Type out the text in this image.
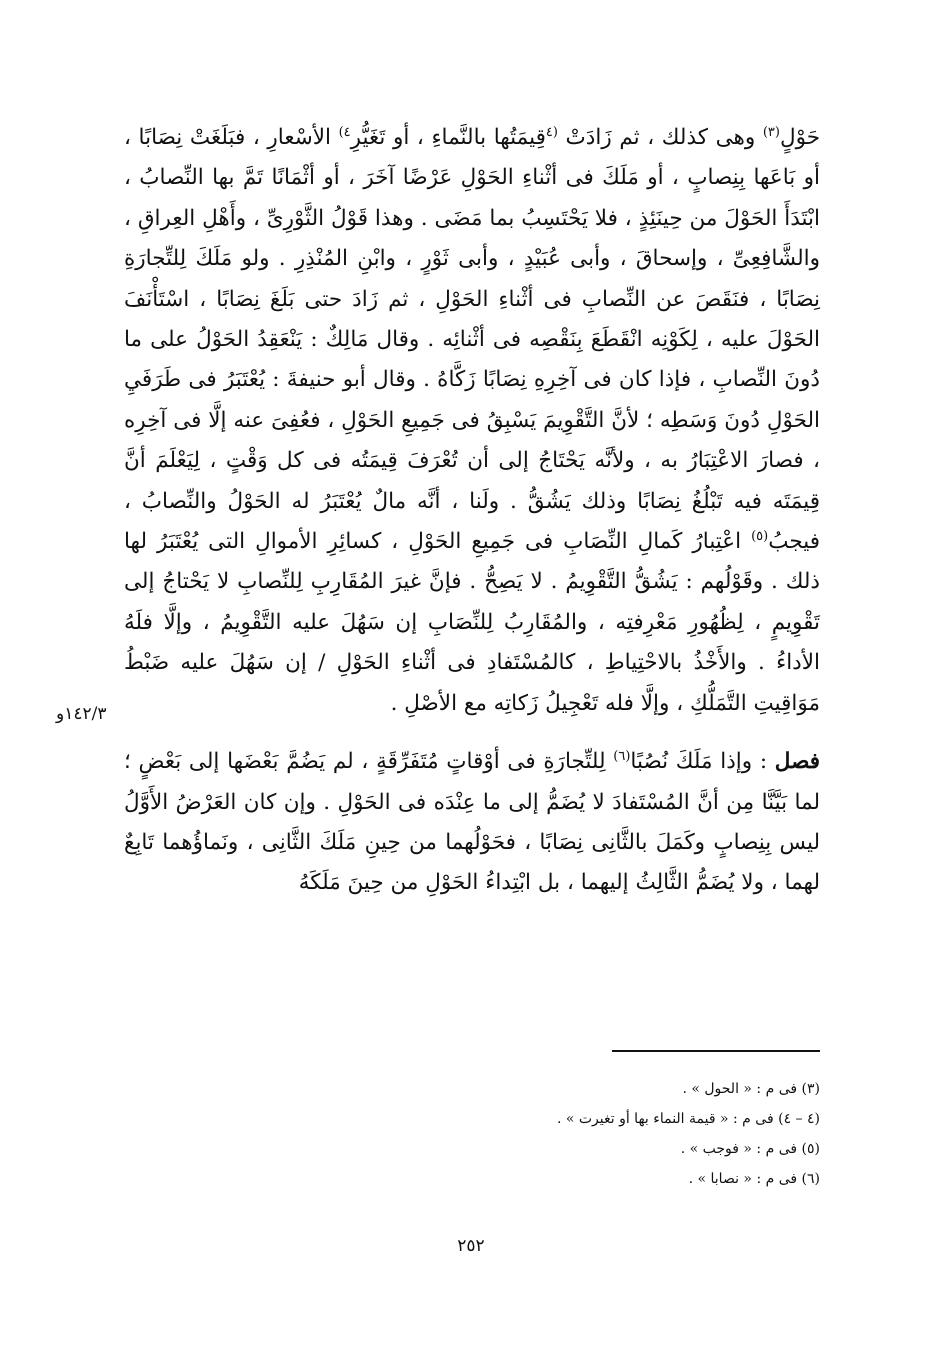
حَوْلٍ$^{(٣)}$ وهى كذلك ، ثم زَادَتْ $^{(٤}$قِيمَتُها بالنَّماءِ ، أو تَغَيُّرِ$^{٤)}$ الأسْعارِ ، فبَلَغَتْ نِصَابًا ، أو بَاعَها بِنِصابٍ ، أو مَلَكَ فى أثْناءِ الحَوْلِ عَرْضًا آخَرَ ، أو أثْمَانًا تَمَّ بها النِّصابُ ، ابْتَدَأَ الحَوْلَ من حِينَئِذٍ ، فلا يَحْتَسِبُ بما مَضَى . وهذا قَوْلُ الثَّوْرِىِّ ، وأَهْلِ العِراقِ ، والشَّافِعِىِّ ، وإسحاقَ ، وأبى عُبَيْدٍ ، وأبى ثَوْرٍ ، وابْنِ المُنْذِرِ . ولو مَلَكَ لِلتِّجارَةِ نِصَابًا ، فنَقَصَ عن النِّصابِ فى أثْناءِ الحَوْلِ ، ثم زَادَ حتى بَلَغَ نِصَابًا ، اسْتَأْنَفَ الحَوْلَ عليه ، لِكَوْنِه انْقَطَعَ بِنَقْصِه فى أثْنائِه . وقال مَالِكٌ : يَنْعَقِدُ الحَوْلُ على ما دُونَ النِّصابِ ، فإذا كان فى آخِرِهِ نِصَابًا زَكَّاهُ . وقال أبو حنيفةَ : يُعْتَبَرُ فى طَرَفَيِ الحَوْلِ دُونَ وَسَطِه ؛ لأنَّ التَّقْوِيمَ يَسْبِقُ فى جَمِيعِ الحَوْلِ ، فعُفِىَ عنه إلَّا فى آخِرِه ، فصارَ الاعْتِبَارُ به ، ولأنَّه يَحْتَاجُ إلى أن تُعْرَفَ قِيمَتُه فى كل وَقْتٍ ، لِيَعْلَمَ أنَّ قِيمَتَه فيه تَبْلُغُ نِصَابًا وذلك يَشُقُّ . ولَنا ، أنَّه مالٌ يُعْتَبَرُ له الحَوْلُ والنِّصابُ ، فيجبُ$^{(٥)}$ اعْتِبارُ كَمالِ النِّصَابِ فى جَمِيعِ الحَوْلِ ، كسائِرِ الأموالِ التى يُعْتَبَرُ لها ذلك . وقَوْلُهم : يَشُقُّ التَّقْوِيمُ . لا يَصِحُّ . فإنَّ غيرَ المُقَارِبِ لِلنِّصابِ لا يَحْتاجُ إلى تَقْوِيمٍ ، لِظُهُورِ مَعْرِفتِه ، والمُقَارِبُ لِلنِّصَابِ إن سَهُلَ عليه التَّقْوِيمُ ، وإلَّا فلَهُ الأداءُ . والأَخْذُ بالاحْتِياطِ ، كالمُسْتَفادِ فى أثْناءِ الحَوْلِ / إن سَهُلَ عليه ضَبْطُ مَوَاقِيتِ التَّمَلُّكِ ، وإلَّا فله تَعْجِيلُ زَكاتِه مع الأصْلِ .

فصل : وإذا مَلَكَ نُصُبًا$^{(٦)}$ لِلتِّجارَةِ فى أوْقاتٍ مُتَفَرِّقَةٍ ، لم يَضُمَّ بَعْضَها إلى بَعْضٍ ؛ لما بَيَّنَّا مِن أنَّ المُسْتَفادَ لا يُضَمُّ إلى ما عِنْدَه فى الحَوْلِ . وإن كان العَرْضُ الأَوَّلُ ليس بِنِصابٍ وكَمَلَ بالثَّانِى نِصَابًا ، فحَوْلُهما من حِينِ مَلَكَ الثَّانِى ، ونَماؤُهما تَابِعٌ لهما ، ولا يُضَمُّ الثَّالِثُ إليهما ، بل ابْتِداءُ الحَوْلِ من حِينَ مَلَكَهُ

١٤٢/٣و
(٣) فى م : « الحول » .
(٤ – ٤) فى م : « قيمة النماء بها أو تغيرت » .
(٥) فى م : « فوجب » .
(٦) فى م : « نصابا » .
٢٥٢
